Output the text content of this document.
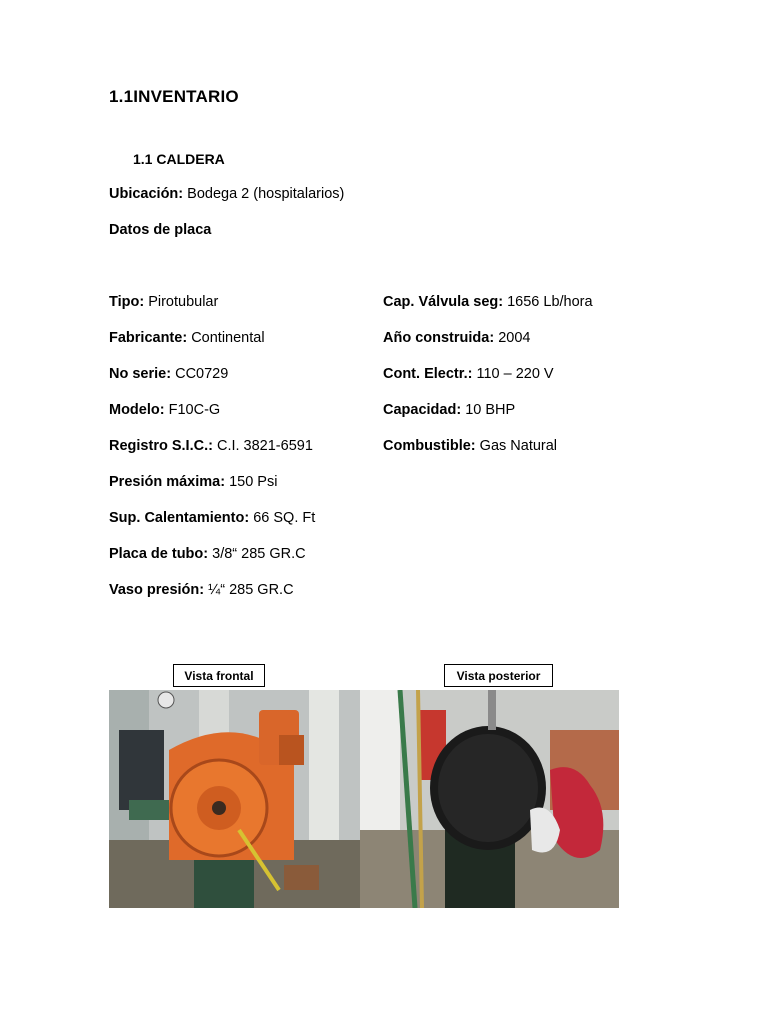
1.1INVENTARIO
1.1 CALDERA
Ubicación: Bodega 2 (hospitalarios)
Datos de placa
Tipo: Pirotubular
Fabricante: Continental
No serie: CC0729
Modelo: F10C-G
Registro S.I.C.: C.I. 3821-6591
Presión máxima: 150 Psi
Sup. Calentamiento: 66 SQ. Ft
Placa de tubo: 3/8“ 285 GR.C
Vaso presión: ¼“ 285 GR.C
Cap. Válvula seg: 1656 Lb/hora
Año construida: 2004
Cont. Electr.: 110 – 220 V
Capacidad: 10 BHP
Combustible: Gas Natural
Vista frontal	Vista posterior
